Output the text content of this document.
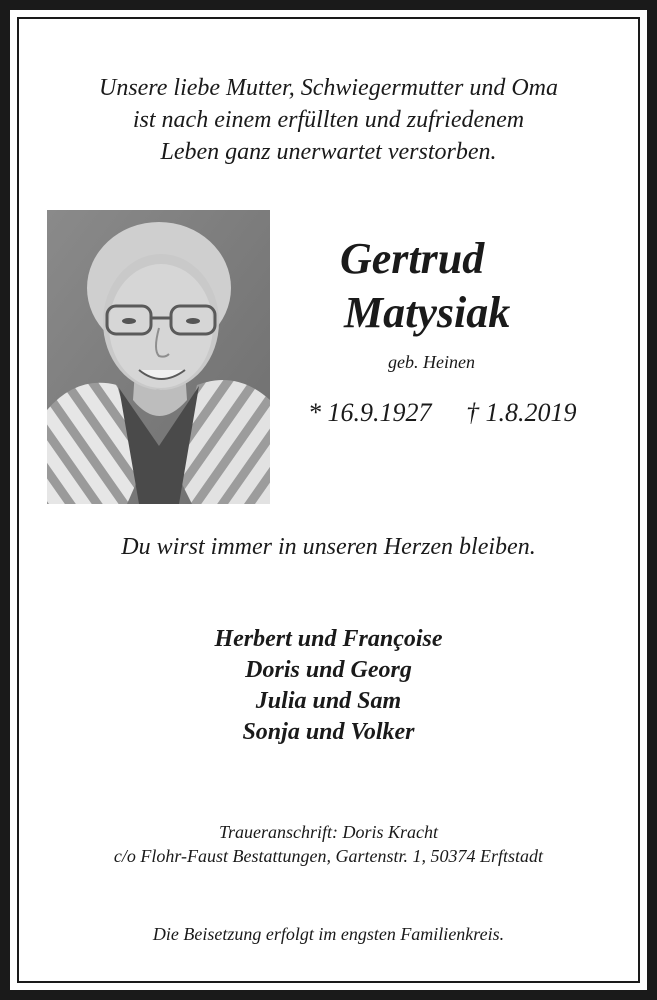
Unsere liebe Mutter, Schwiegermutter und Oma
ist nach einem erfüllten und zufriedenem
Leben ganz unerwartet verstorben.
Gertrud
Matysiak
geb. Heinen
* 16.9.1927 † 1.8.2019
Du wirst immer in unseren Herzen bleiben.
Herbert und Françoise
Doris und Georg
Julia und Sam
Sonja und Volker
Traueranschrift: Doris Kracht
c/o Flohr-Faust Bestattungen, Gartenstr. 1, 50374 Erftstadt
Die Beisetzung erfolgt im engsten Familienkreis.
